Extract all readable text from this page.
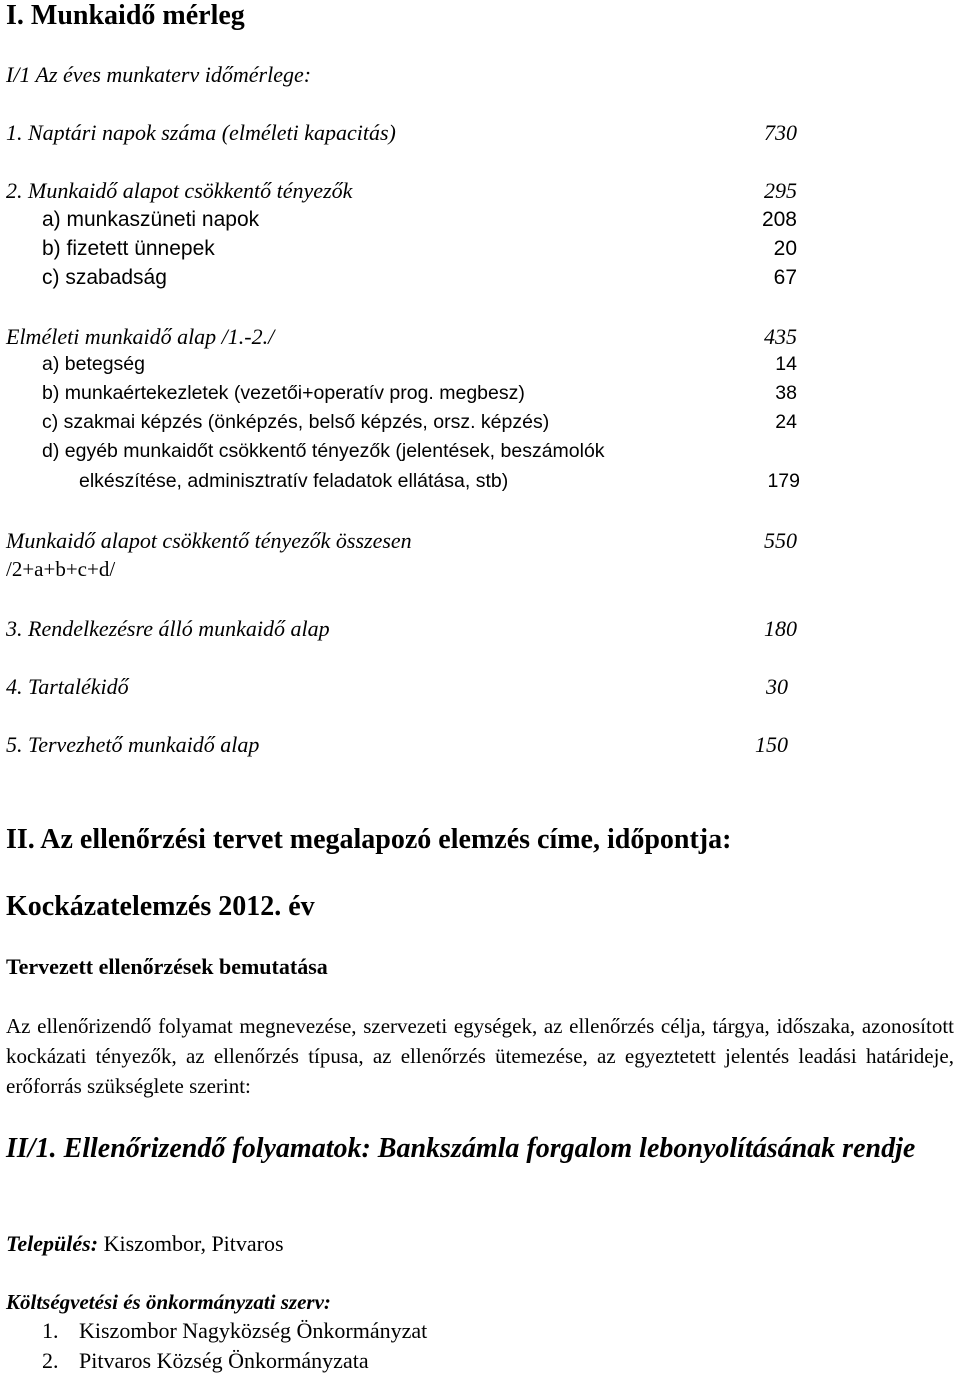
I. Munkaidő mérleg
I/1 Az éves munkaterv időmérlege:
1. Naptári napok száma (elméleti kapacitás)	730
2. Munkaidő alapot csökkentő tényezők	295
a) munkaszüneti napok	208
b) fizetett ünnepek	20
c) szabadság	67
Elméleti munkaidő alap /1.-2./	435
a) betegség	14
b) munkaértekezletek (vezetői+operatív prog. megbesz)	38
c) szakmai képzés (önképzés, belső képzés, orsz. képzés)	24
d) egyéb munkaidőt csökkentő tényezők (jelentések, beszámolók
elkészítése, adminisztratív feladatok ellátása, stb)	179
Munkaidő alapot csökkentő tényezők összesen	550
/2+a+b+c+d/
3. Rendelkezésre álló munkaidő alap	180
4. Tartalékidő	30
5. Tervezhető munkaidő alap	150
II. Az ellenőrzési tervet megalapozó elemzés címe, időpontja:
Kockázatelemzés 2012. év
Tervezett ellenőrzések bemutatása
Az ellenőrizendő folyamat megnevezése, szervezeti egységek, az ellenőrzés célja, tárgya, időszaka, azonosított kockázati tényezők, az ellenőrzés típusa, az ellenőrzés ütemezése, az egyeztetett jelentés leadási határideje, erőforrás szükséglete szerint:
II/1. Ellenőrizendő folyamatok: Bankszámla forgalom lebonyolításának rendje
Település: Kiszombor, Pitvaros
Költségvetési és önkormányzati szerv:
1. Kiszombor Nagyközség Önkormányzat
2. Pitvaros Község Önkormányzata
